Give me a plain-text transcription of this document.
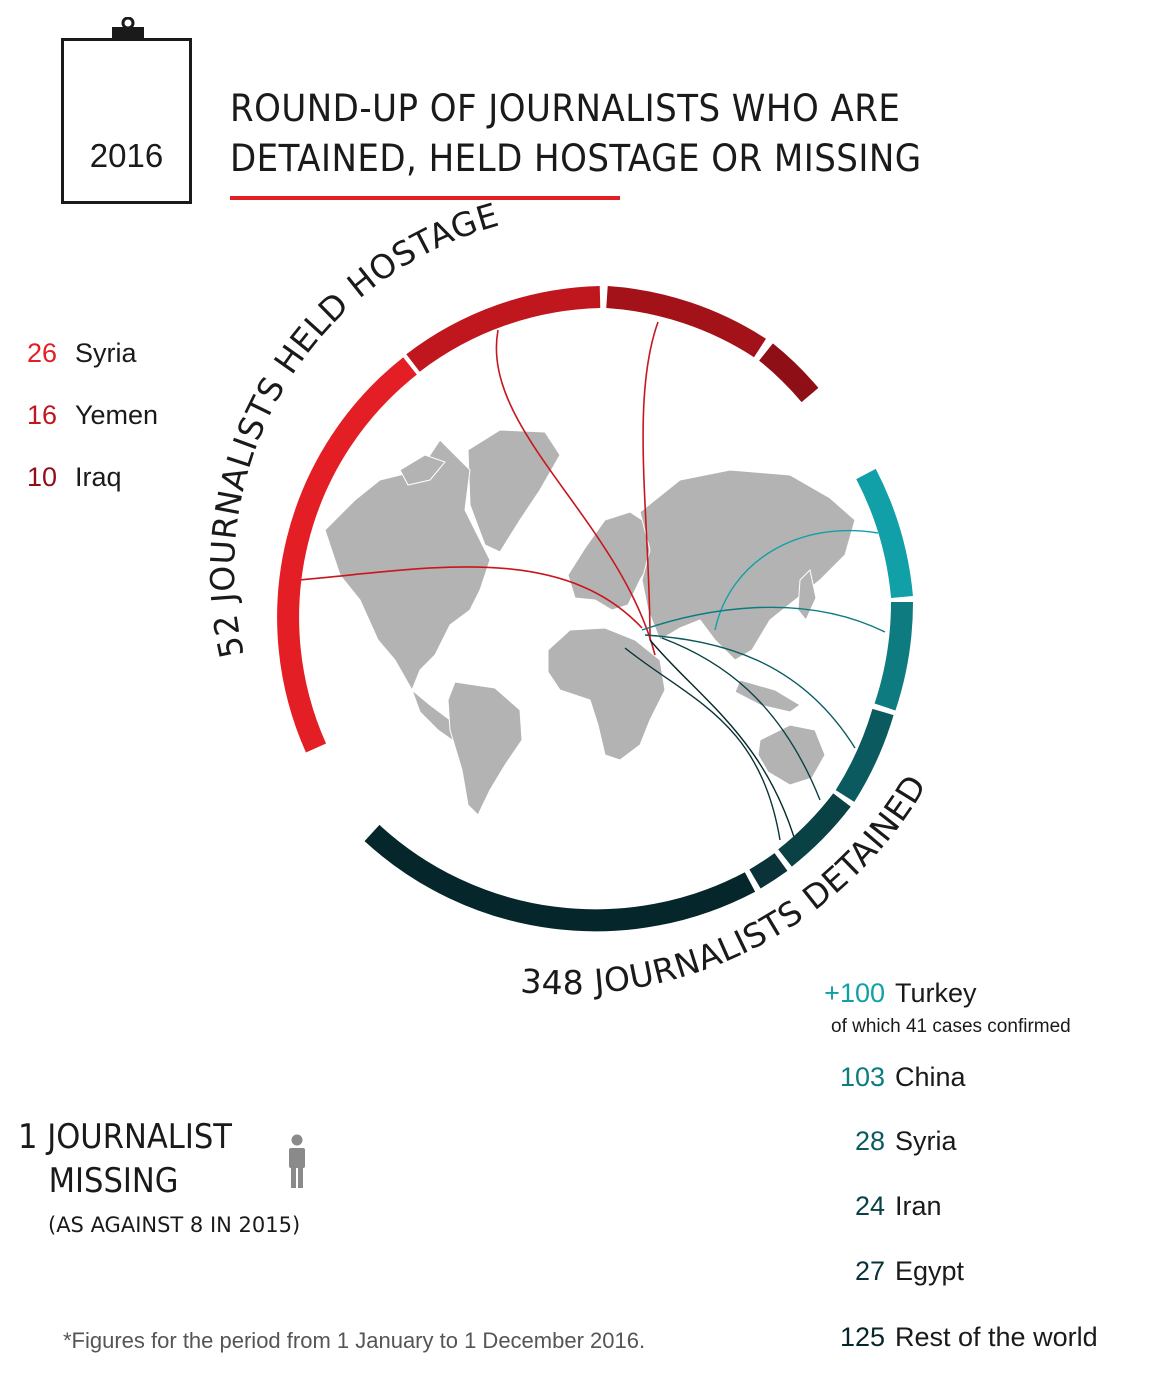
2016
ROUND-UP OF JOURNALISTS WHO ARE
DETAINED, HELD HOSTAGE OR MISSING
52 JOURNALISTS HELD HOSTAGE
348 JOURNALISTS DETAINED
26 Syria
16 Yemen
10 Iraq
+100 Turkey
of which 41 cases confirmed
103 China
28 Syria
24 Iran
27 Egypt
125 Rest of the world
1 JOURNALIST
MISSING
(AS AGAINST 8 IN 2015)
*Figures for the period from 1 January to 1 December 2016.
